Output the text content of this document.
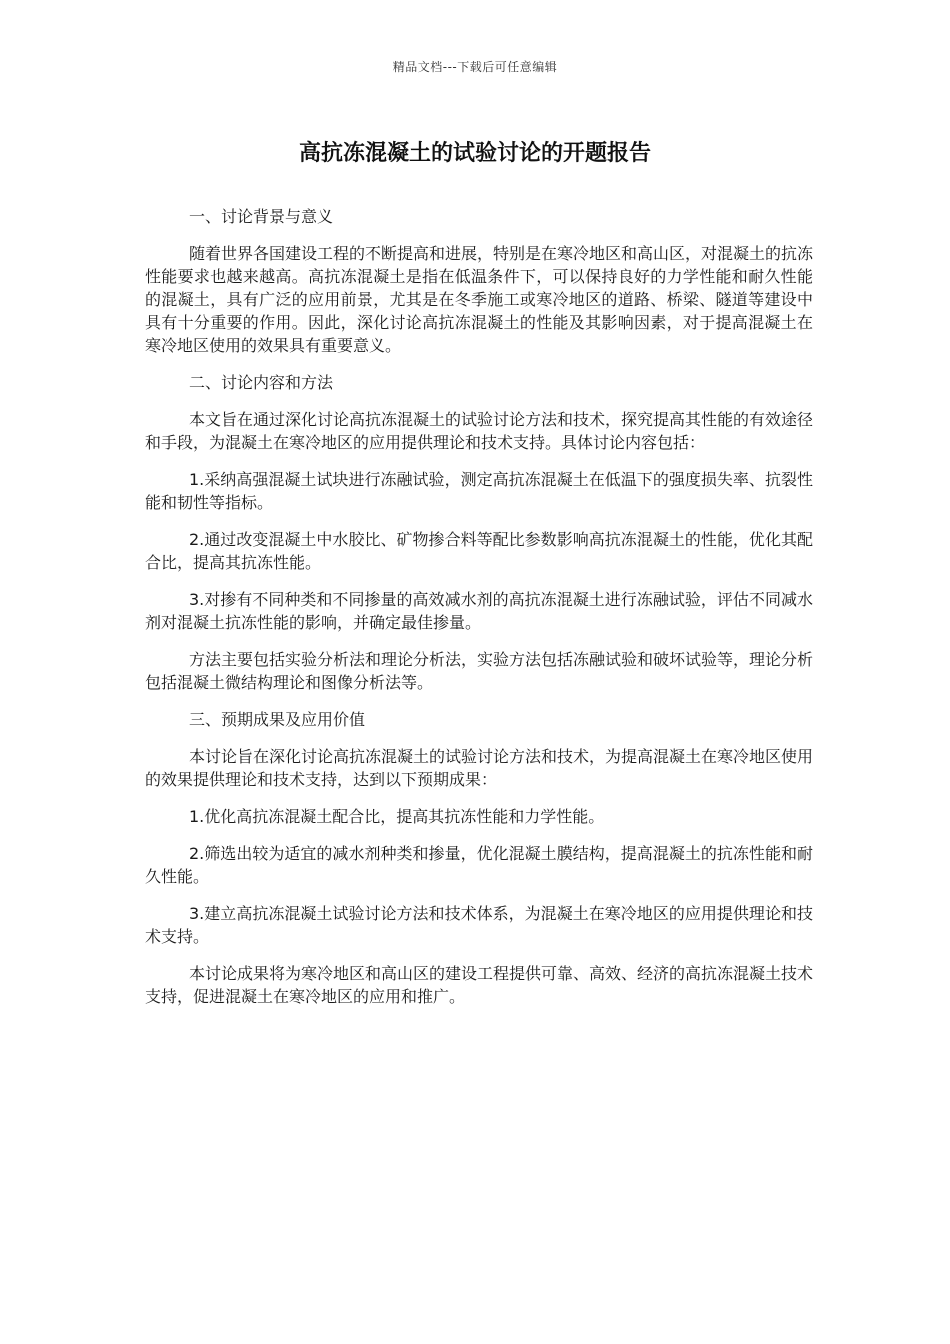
精品文档---下载后可任意编辑
高抗冻混凝土的试验讨论的开题报告

一、讨论背景与意义

随着世界各国建设工程的不断提高和进展，特别是在寒冷地区和高山区，对混凝土的抗冻性能要求也越来越高。高抗冻混凝土是指在低温条件下，可以保持良好的力学性能和耐久性能的混凝土，具有广泛的应用前景，尤其是在冬季施工或寒冷地区的道路、桥梁、隧道等建设中具有十分重要的作用。因此，深化讨论高抗冻混凝土的性能及其影响因素，对于提高混凝土在寒冷地区使用的效果具有重要意义。

二、讨论内容和方法

本文旨在通过深化讨论高抗冻混凝土的试验讨论方法和技术，探究提高其性能的有效途径和手段，为混凝土在寒冷地区的应用提供理论和技术支持。具体讨论内容包括：

1.采纳高强混凝土试块进行冻融试验，测定高抗冻混凝土在低温下的强度损失率、抗裂性能和韧性等指标。

2.通过改变混凝土中水胶比、矿物掺合料等配比参数影响高抗冻混凝土的性能，优化其配合比，提高其抗冻性能。

3.对掺有不同种类和不同掺量的高效减水剂的高抗冻混凝土进行冻融试验，评估不同减水剂对混凝土抗冻性能的影响，并确定最佳掺量。

方法主要包括实验分析法和理论分析法，实验方法包括冻融试验和破坏试验等，理论分析包括混凝土微结构理论和图像分析法等。

三、预期成果及应用价值

本讨论旨在深化讨论高抗冻混凝土的试验讨论方法和技术，为提高混凝土在寒冷地区使用的效果提供理论和技术支持，达到以下预期成果：

1.优化高抗冻混凝土配合比，提高其抗冻性能和力学性能。

2.筛选出较为适宜的减水剂种类和掺量，优化混凝土膜结构，提高混凝土的抗冻性能和耐久性能。

3.建立高抗冻混凝土试验讨论方法和技术体系，为混凝土在寒冷地区的应用提供理论和技术支持。

本讨论成果将为寒冷地区和高山区的建设工程提供可靠、高效、经济的高抗冻混凝土技术支持，促进混凝土在寒冷地区的应用和推广。
